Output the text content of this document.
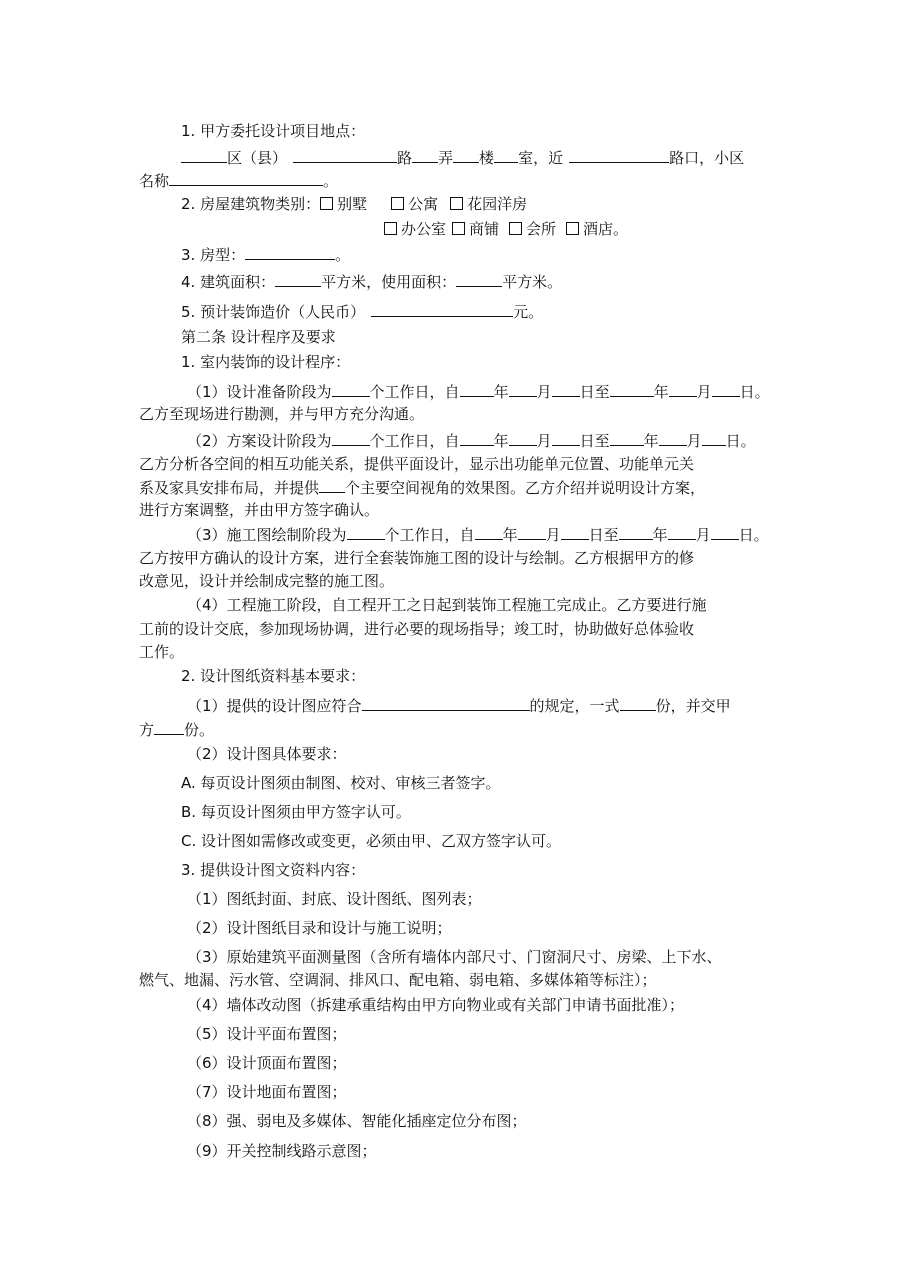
1. 甲方委托设计项目地点：
区（县）	路 弄 楼 室，近	路口，小区
名称	。
2. 房屋建筑物类别： 别墅	公寓 花园洋房
办公室 商铺 会所 酒店。
3. 房型：	。
4. 建筑面积：	平方米，使用面积：	平方米。
5. 预计装饰造价（人民币）	元。
第二条 设计程序及要求
1. 室内装饰的设计程序：
（1）设计准备阶段为	个工作日，自 年 月 日至	年 月 日。
乙方至现场进行勘测，并与甲方充分沟通。
（2）方案设计阶段为	个工作日，自 年 月 日至 年 月 日。
乙方分析各空间的相互功能关系，提供平面设计，显示出功能单元位置、功能单元关
系及家具安排布局，并提供 个主要空间视角的效果图。乙方介绍并说明设计方案，
进行方案调整，并由甲方签字确认。
（3）施工图绘制阶段为	个工作日，自 年 月 日至 年 月 日。
乙方按甲方确认的设计方案，进行全套装饰施工图的设计与绘制。乙方根据甲方的修
改意见，设计并绘制成完整的施工图。
（4）工程施工阶段，自工程开工之日起到装饰工程施工完成止。乙方要进行施
工前的设计交底，参加现场协调，进行必要的现场指导；竣工时，协助做好总体验收
工作。
2. 设计图纸资料基本要求：
（1）提供的设计图应符合	的规定，一式 份，并交甲
方 份。
（2）设计图具体要求：
A. 每页设计图须由制图、校对、审核三者签字。
B. 每页设计图须由甲方签字认可。
C. 设计图如需修改或变更，必须由甲、乙双方签字认可。
3. 提供设计图文资料内容：
（1）图纸封面、封底、设计图纸、图列表；
（2）设计图纸目录和设计与施工说明；
（3）原始建筑平面测量图（含所有墙体内部尺寸、门窗洞尺寸、房梁、上下水、
燃气、地漏、污水管、空调洞、排风口、配电箱、弱电箱、多媒体箱等标注）；
（4）墙体改动图（拆建承重结构由甲方向物业或有关部门申请书面批准）；
（5）设计平面布置图；
（6）设计顶面布置图；
（7）设计地面布置图；
（8）强、弱电及多媒体、智能化插座定位分布图；
（9）开关控制线路示意图；
